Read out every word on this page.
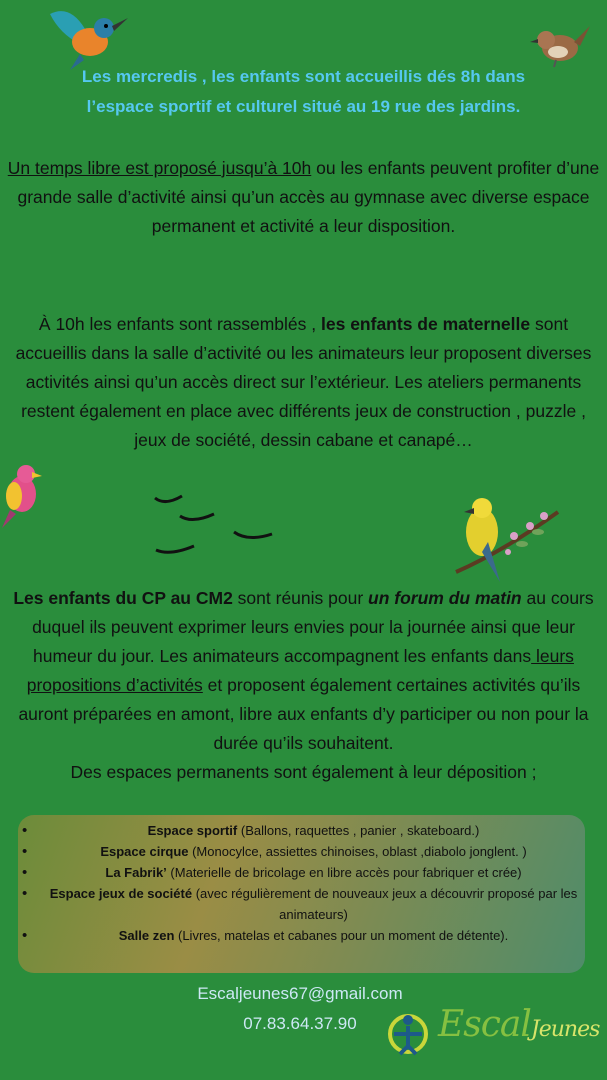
Les mercredis , les enfants sont accueillis dés 8h dans
l’espace sportif et culturel situé au 19 rue des jardins.
Un temps libre est proposé jusqu’à 10h ou les enfants peuvent profiter d’une grande salle d’activité ainsi qu’un accès au gymnase avec diverse espace permanent et activité a leur disposition.
À 10h les enfants sont rassemblés , les enfants de maternelle sont accueillis dans la salle d’activité ou les animateurs leur proposent diverses activités ainsi qu’un accès direct sur l’extérieur. Les ateliers permanents restent également en place avec différents jeux de construction , puzzle , jeux de société, dessin cabane et canapé…
Les enfants du CP au CM2 sont réunis pour un forum du matin au cours duquel ils peuvent exprimer leurs envies pour la journée ainsi que leur humeur du jour. Les animateurs accompagnent les enfants dans leurs propositions d’activités et proposent également certaines activités qu’ils auront préparées en amont, libre aux enfants d’y participer ou non pour la durée qu’ils souhaitent.
Des espaces permanents sont également à leur déposition ;
• Espace sportif (Ballons, raquettes , panier , skateboard.)
• Espace cirque (Monocylce, assiettes chinoises, oblast ,diabolo jonglent. )
• La Fabrik’ (Materielle de bricolage en libre accès pour fabriquer et crée)
• Espace jeux de société (avec régulièrement de nouveaux jeux a découvrir proposé par les animateurs)
• Salle zen (Livres, matelas et cabanes pour un moment de détente).
Escaljeunes67@gmail.com
07.83.64.37.90	EscalJeunes
